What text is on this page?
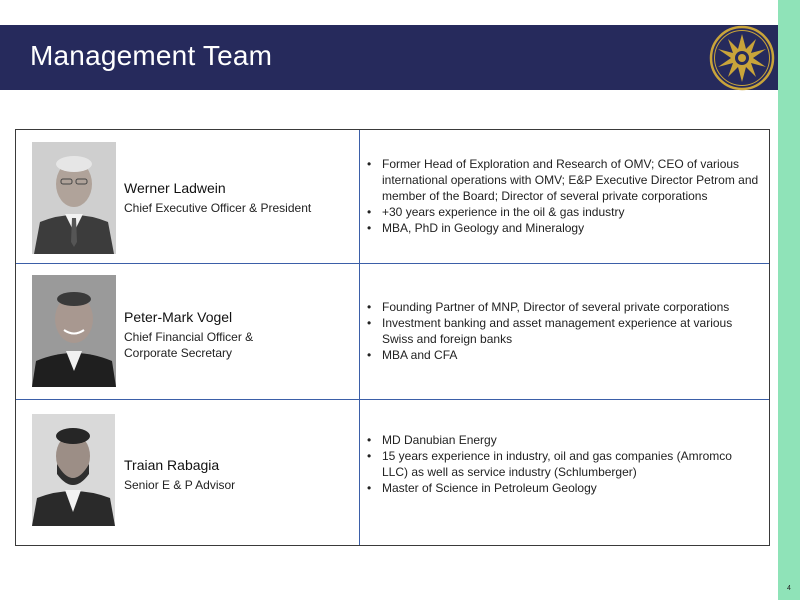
Management Team
Werner Ladwein
Chief Executive Officer & President
• Former Head of Exploration and Research of OMV; CEO of various international operations with OMV; E&P Executive Director Petrom and member of the Board; Director of several private corporations
• +30 years experience in the oil & gas industry
• MBA, PhD in Geology and Mineralogy
Peter-Mark Vogel
Chief Financial Officer &
Corporate Secretary
• Founding Partner of MNP, Director of several private corporations
• Investment banking and asset management experience at various Swiss and foreign banks
• MBA and CFA
Traian Rabagia
Senior E & P Advisor
• MD Danubian Energy
• 15 years experience in industry, oil and gas companies (Amromco LLC) as well as service industry (Schlumberger)
• Master of Science in Petroleum Geology
4
